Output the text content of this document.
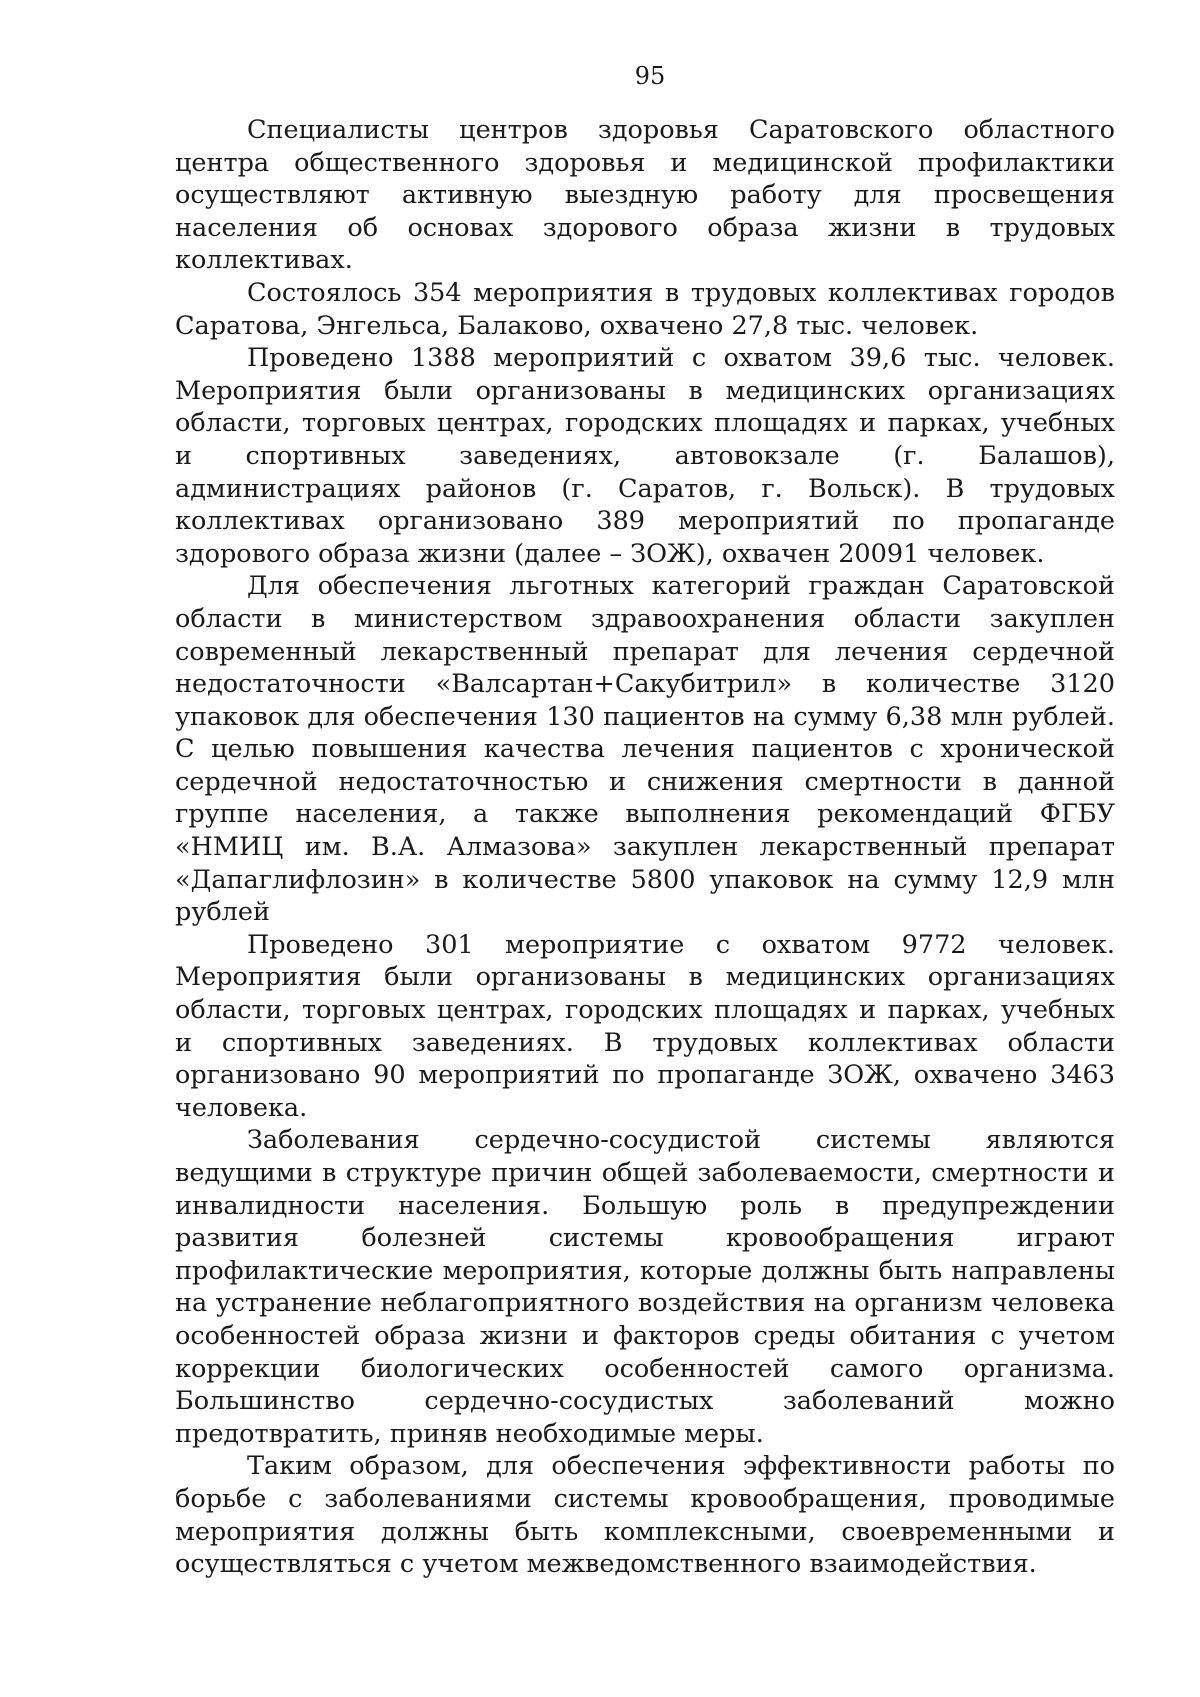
95

Специалисты центров здоровья Саратовского областного центра общественного здоровья и медицинской профилактики осуществляют активную выездную работу для просвещения населения об основах здорового образа жизни в трудовых коллективах.

Состоялось 354 мероприятия в трудовых коллективах городов Саратова, Энгельса, Балаково, охвачено 27,8 тыс. человек.

Проведено 1388 мероприятий с охватом 39,6 тыс. человек. Мероприятия были организованы в медицинских организациях области, торговых центрах, городских площадях и парках, учебных и спортивных заведениях, автовокзале (г. Балашов), администрациях районов (г. Саратов, г. Вольск). В трудовых коллективах организовано 389 мероприятий по пропаганде здорового образа жизни (далее – ЗОЖ), охвачен 20091 человек.

Для обеспечения льготных категорий граждан Саратовской области в министерством здравоохранения области закуплен современный лекарственный препарат для лечения сердечной недостаточности «Валсартан+Сакубитрил» в количестве 3120 упаковок для обеспечения 130 пациентов на сумму 6,38 млн рублей. С целью повышения качества лечения пациентов с хронической сердечной недостаточностью и снижения смертности в данной группе населения, а также выполнения рекомендаций ФГБУ «НМИЦ им. В.А. Алмазова» закуплен лекарственный препарат «Дапаглифлозин» в количестве 5800 упаковок на сумму 12,9 млн рублей

Проведено 301 мероприятие с охватом 9772 человек. Мероприятия были организованы в медицинских организациях области, торговых центрах, городских площадях и парках, учебных и спортивных заведениях. В трудовых коллективах области организовано 90 мероприятий по пропаганде ЗОЖ, охвачено 3463 человека.

Заболевания сердечно-сосудистой системы являются ведущими в структуре причин общей заболеваемости, смертности и инвалидности населения. Большую роль в предупреждении развития болезней системы кровообращения играют профилактические мероприятия, которые должны быть направлены на устранение неблагоприятного воздействия на организм человека особенностей образа жизни и факторов среды обитания с учетом коррекции биологических особенностей самого организма. Большинство сердечно-сосудистых заболеваний можно предотвратить, приняв необходимые меры.

Таким образом, для обеспечения эффективности работы по борьбе с заболеваниями системы кровообращения, проводимые мероприятия должны быть комплексными, своевременными и осуществляться с учетом межведомственного взаимодействия.
